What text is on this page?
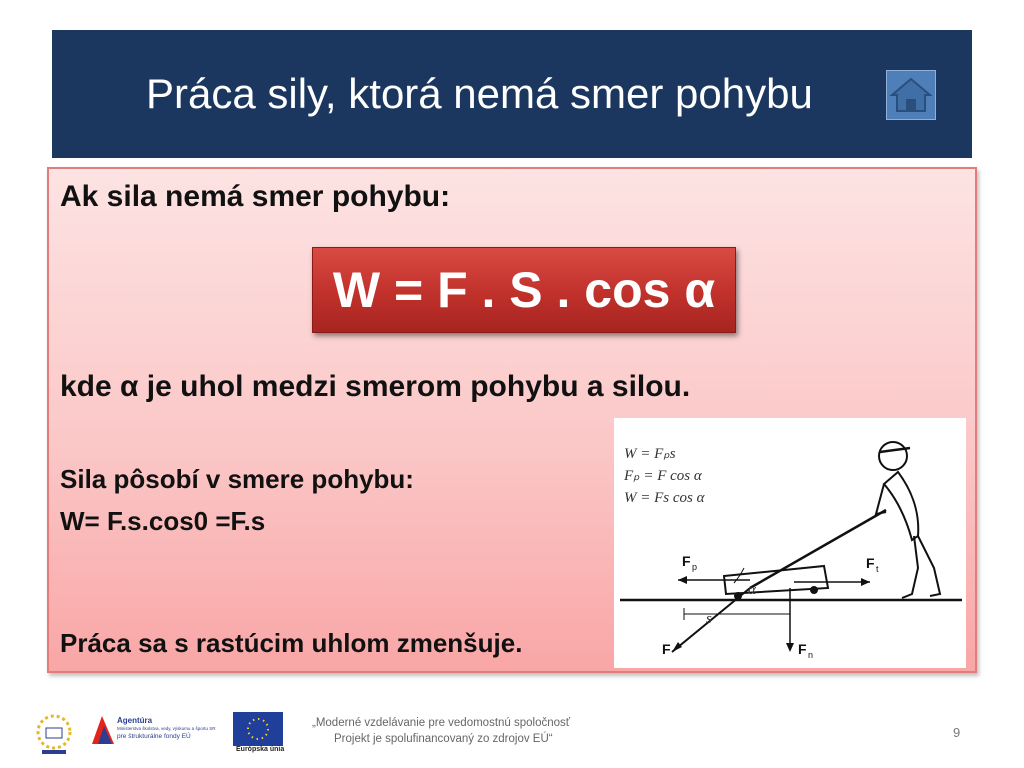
Práca sily, ktorá nemá smer pohybu
Ak sila nemá smer pohybu:
W = F . S . cos α
kde α je uhol medzi smerom pohybu a silou.
Sila pôsobí v smere pohybu:
W= F.s.cos0 =F.s
Práca sa s rastúcim uhlom zmenšuje.
W = Fₚs
Fₚ = F cos α
W = Fs cos α
F p	F t
F	F n
α
s
Agentúra
Ministerstva školstva, vedy, výskumu a športu SR
pre štrukturálne fondy EÚ
Európska únia
„Moderné vzdelávanie pre vedomostnú spoločnosť
Projekt je spolufinancovaný zo zdrojov EÚ“	9
